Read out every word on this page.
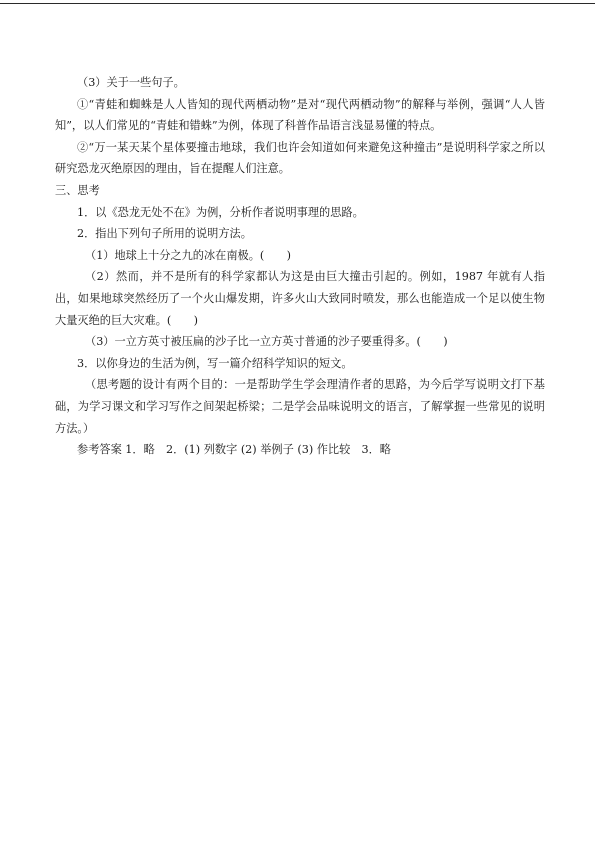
（3）关于一些句子。

①“青蛙和蜘蛛是人人皆知的现代两栖动物”是对“现代两栖动物”的解释与举例，强调“人人皆知”，以人们常见的“青蛙和错蛛”为例，体现了科普作品语言浅显易懂的特点。

②“万一某天某个星体要撞击地球，我们也许会知道如何来避免这种撞击”是说明科学家之所以研究恐龙灭绝原因的理由，旨在提醒人们注意。

三、思考

1．以《恐龙无处不在》为例，分析作者说明事理的思路。

2．指出下列句子所用的说明方法。

（1）地球上十分之九的冰在南极。(　　)

（2）然而，并不是所有的科学家都认为这是由巨大撞击引起的。例如，1987 年就有人指出，如果地球突然经历了一个火山爆发期，许多火山大致同时喷发，那么也能造成一个足以使生物大量灭绝的巨大灾难。(　　)

（3）一立方英寸被压扁的沙子比一立方英寸普通的沙子要重得多。(　　)

3．以你身边的生活为例，写一篇介绍科学知识的短文。

（思考题的设计有两个目的：一是帮助学生学会理清作者的思路，为今后学写说明文打下基础，为学习课文和学习写作之间架起桥梁；二是学会品味说明文的语言，了解掌握一些常见的说明方法。）

参考答案 1．略　2．(1) 列数字 (2) 举例子 (3) 作比较　3．略
